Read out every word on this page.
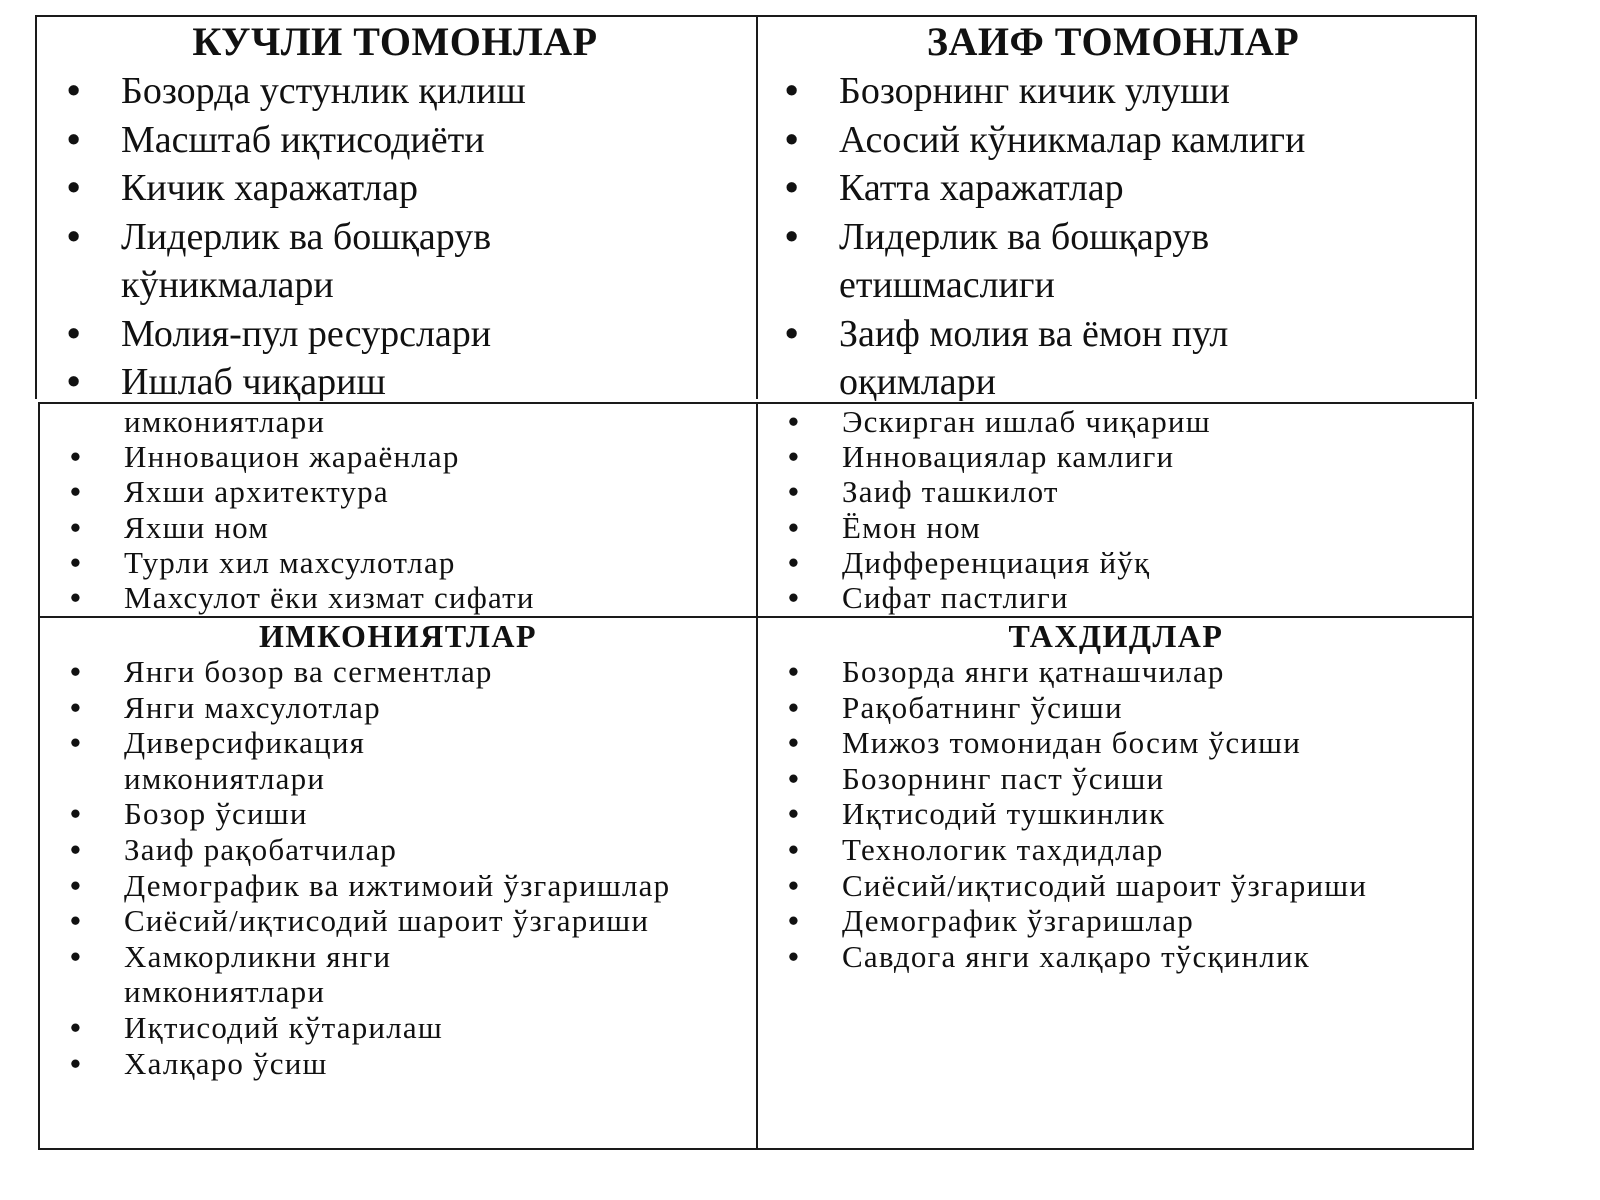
КУЧЛИ ТОМОНЛАР
• Бозорда устунлик қилиш
• Масштаб иқтисодиёти
• Кичик харажатлар
• Лидерлик ва бошқарув кўникмалари
• Молия-пул ресурслари
• Ишлаб чиқариш
ЗАИФ ТОМОНЛАР
• Бозорнинг кичик улуши
• Асосий кўникмалар камлиги
• Катта харажатлар
• Лидерлик ва бошқарув етишмаслиги
• Заиф молия ва ёмон пул оқимлари
имкониятлари
• Инновацион жараёнлар
• Яхши архитектура
• Яхши ном
• Турли хил махсулотлар
• Махсулот ёки хизмат сифати
• Эскирган ишлаб чиқариш
• Инновациялар камлиги
• Заиф ташкилот
• Ёмон ном
• Дифференциация йўқ
• Сифат пастлиги
ИМКОНИЯТЛАР
• Янги бозор ва сегментлар
• Янги махсулотлар
• Диверсификация имкониятлари
• Бозор ўсиши
• Заиф рақобатчилар
• Демографик ва ижтимоий ўзгаришлар
• Сиёсий/иқтисодий шароит ўзгариши
• Хамкорликни янги имкониятлари
• Иқтисодий кўтарилаш
• Халқаро ўсиш
ТАХДИДЛАР
• Бозорда янги қатнашчилар
• Рақобатнинг ўсиши
• Мижоз томонидан босим ўсиши
• Бозорнинг паст ўсиши
• Иқтисодий тушкинлик
• Технологик тахдидлар
• Сиёсий/иқтисодий шароит ўзгариши
• Демографик ўзгаришлар
• Савдога янги халқаро тўсқинлик
